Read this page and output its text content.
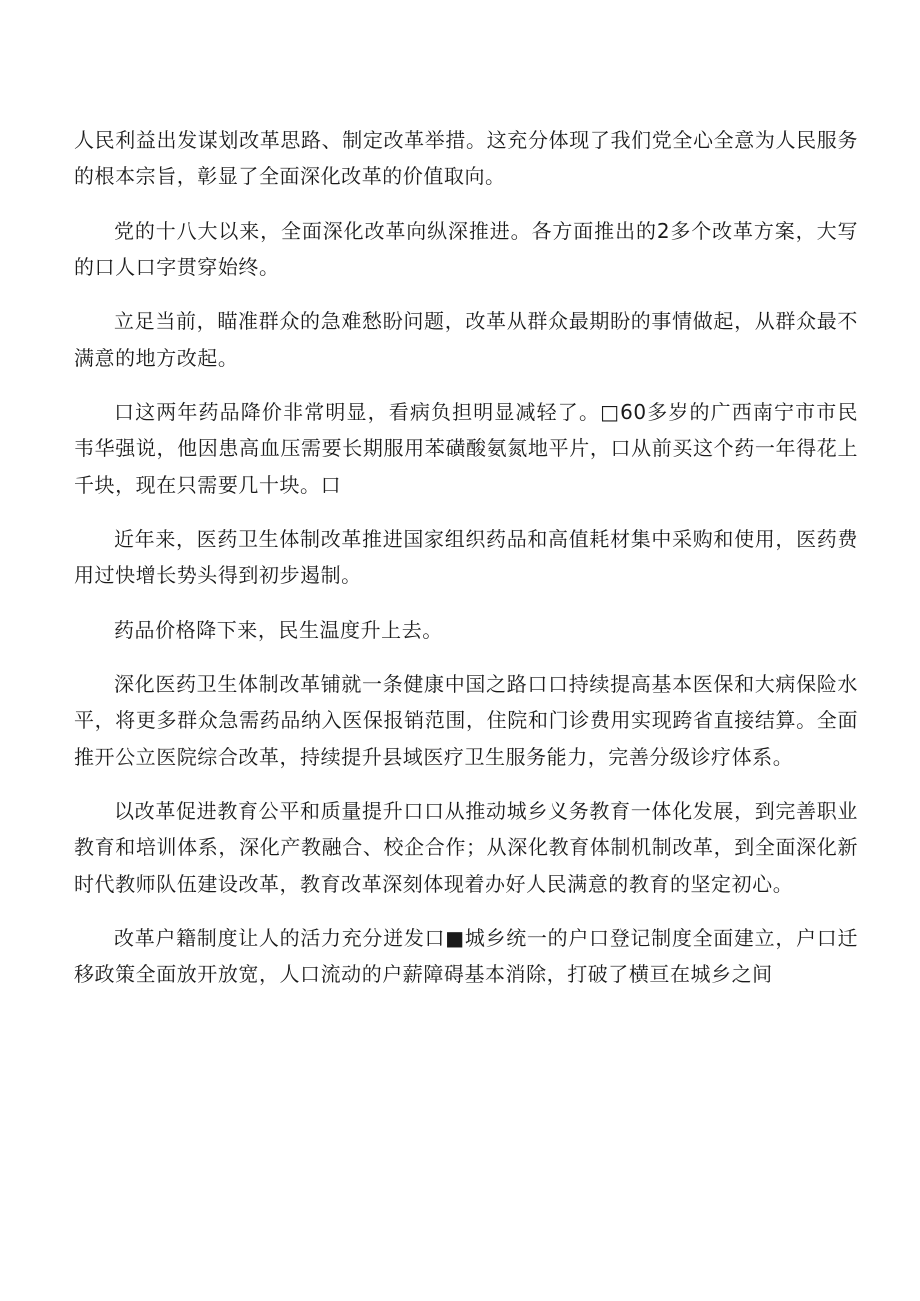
人民利益出发谋划改革思路、制定改革举措。这充分体现了我们党全心全意为人民服务的根本宗旨，彰显了全面深化改革的价值取向。

党的十八大以来，全面深化改革向纵深推进。各方面推出的2多个改革方案，大写的口人口字贯穿始终。

立足当前，瞄准群众的急难愁盼问题，改革从群众最期盼的事情做起，从群众最不满意的地方改起。

口这两年药品降价非常明显，看病负担明显减轻了。□60多岁的广西南宁市市民韦华强说，他因患高血压需要长期服用苯磺酸氨氮地平片，口从前买这个药一年得花上千块，现在只需要几十块。口

近年来，医药卫生体制改革推进国家组织药品和高值耗材集中采购和使用，医药费用过快增长势头得到初步遏制。

药品价格降下来，民生温度升上去。

深化医药卫生体制改革铺就一条健康中国之路口口持续提高基本医保和大病保险水平，将更多群众急需药品纳入医保报销范围，住院和门诊费用实现跨省直接结算。全面推开公立医院综合改革，持续提升县域医疗卫生服务能力，完善分级诊疗体系。

以改革促进教育公平和质量提升口口从推动城乡义务教育一体化发展，到完善职业教育和培训体系，深化产教融合、校企合作；从深化教育体制机制改革，到全面深化新时代教师队伍建设改革，教育改革深刻体现着办好人民满意的教育的坚定初心。

改革户籍制度让人的活力充分迸发口■城乡统一的户口登记制度全面建立，户口迁移政策全面放开放宽，人口流动的户薪障碍基本消除，打破了横亘在城乡之间
